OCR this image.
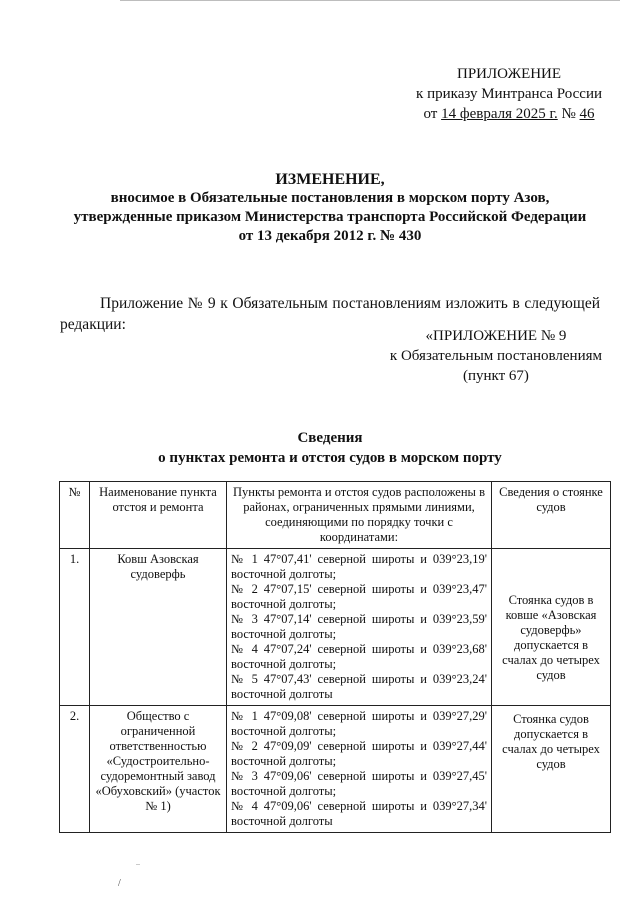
ПРИЛОЖЕНИЕ
к приказу Минтранса России
от 14 февраля 2025 г. № 46
ИЗМЕНЕНИЕ,
вносимое в Обязательные постановления в морском порту Азов,
утвержденные приказом Министерства транспорта Российской Федерации
от 13 декабря 2012 г. № 430
Приложение № 9 к Обязательным постановлениям изложить в следующей редакции:
«ПРИЛОЖЕНИЕ № 9
к Обязательным постановлениям
(пункт 67)
Сведения
о пунктах ремонта и отстоя судов в морском порту
№	Наименование пункта отстоя и ремонта	Пункты ремонта и отстоя судов расположены в районах, ограниченных прямыми линиями, соединяющими по порядку точки с координатами:	Сведения о стоянке судов
1.	Ковш Азовская судоверфь	№ 1 47°07,41' северной широты и 039°23,19' восточной долготы;
№ 2 47°07,15' северной широты и 039°23,47' восточной долготы;
№ 3 47°07,14' северной широты и 039°23,59' восточной долготы;
№ 4 47°07,24' северной широты и 039°23,68' восточной долготы;
№ 5 47°07,43' северной широты и 039°23,24' восточной долготы	Стоянка судов в ковше «Азовская судоверфь» допускается в счалах до четырех судов
2.	Общество с ограниченной ответственностью «Судостроительно-судоремонтный завод «Обуховский» (участок № 1)	№ 1 47°09,08' северной широты и 039°27,29' восточной долготы;
№ 2 47°09,09' северной широты и 039°27,44' восточной долготы;
№ 3 47°09,06' северной широты и 039°27,45' восточной долготы;
№ 4 47°09,06' северной широты и 039°27,34' восточной долготы	Стоянка судов допускается в счалах до четырех судов
..
/
